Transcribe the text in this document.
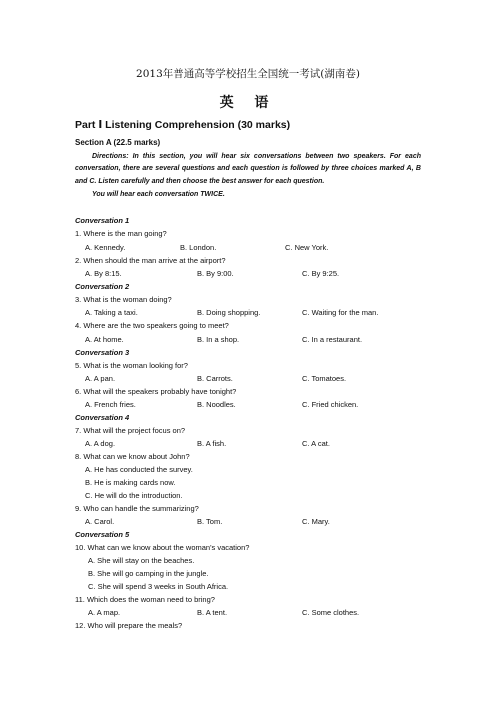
2013年普通高等学校招生全国统一考试(湖南卷)
英 语
Part Ⅰ Listening Comprehension (30 marks)
Section A (22.5 marks)
Directions: In this section, you will hear six conversations between two speakers. For each conversation, there are several questions and each question is followed by three choices marked A, B and C. Listen carefully and then choose the best answer for each question.
You will hear each conversation TWICE.
Conversation 1
1. Where is the man going?
A. Kennedy.	B. London.	C. New York.
2. When should the man arrive at the airport?
A. By 8:15.	B. By 9:00.	C. By 9:25.
Conversation 2
3. What is the woman doing?
A. Taking a taxi.	B. Doing shopping.	C. Waiting for the man.
4. Where are the two speakers going to meet?
A. At home.	B. In a shop.	C. In a restaurant.
Conversation 3
5. What is the woman looking for?
A. A pan.	B. Carrots.	C. Tomatoes.
6. What will the speakers probably have tonight?
A. French fries.	B. Noodles.	C. Fried chicken.
Conversation 4
7. What will the project focus on?
A. A dog.	B. A fish.	C. A cat.
8. What can we know about John?
A. He has conducted the survey.
B. He is making cards now.
C. He will do the introduction.
9. Who can handle the summarizing?
A. Carol.	B. Tom.	C. Mary.
Conversation 5
10. What can we know about the woman's vacation?
A. She will stay on the beaches.
B. She will go camping in the jungle.
C. She will spend 3 weeks in South Africa.
11. Which does the woman need to bring?
A. A map.	B. A tent.	C. Some clothes.
12. Who will prepare the meals?
